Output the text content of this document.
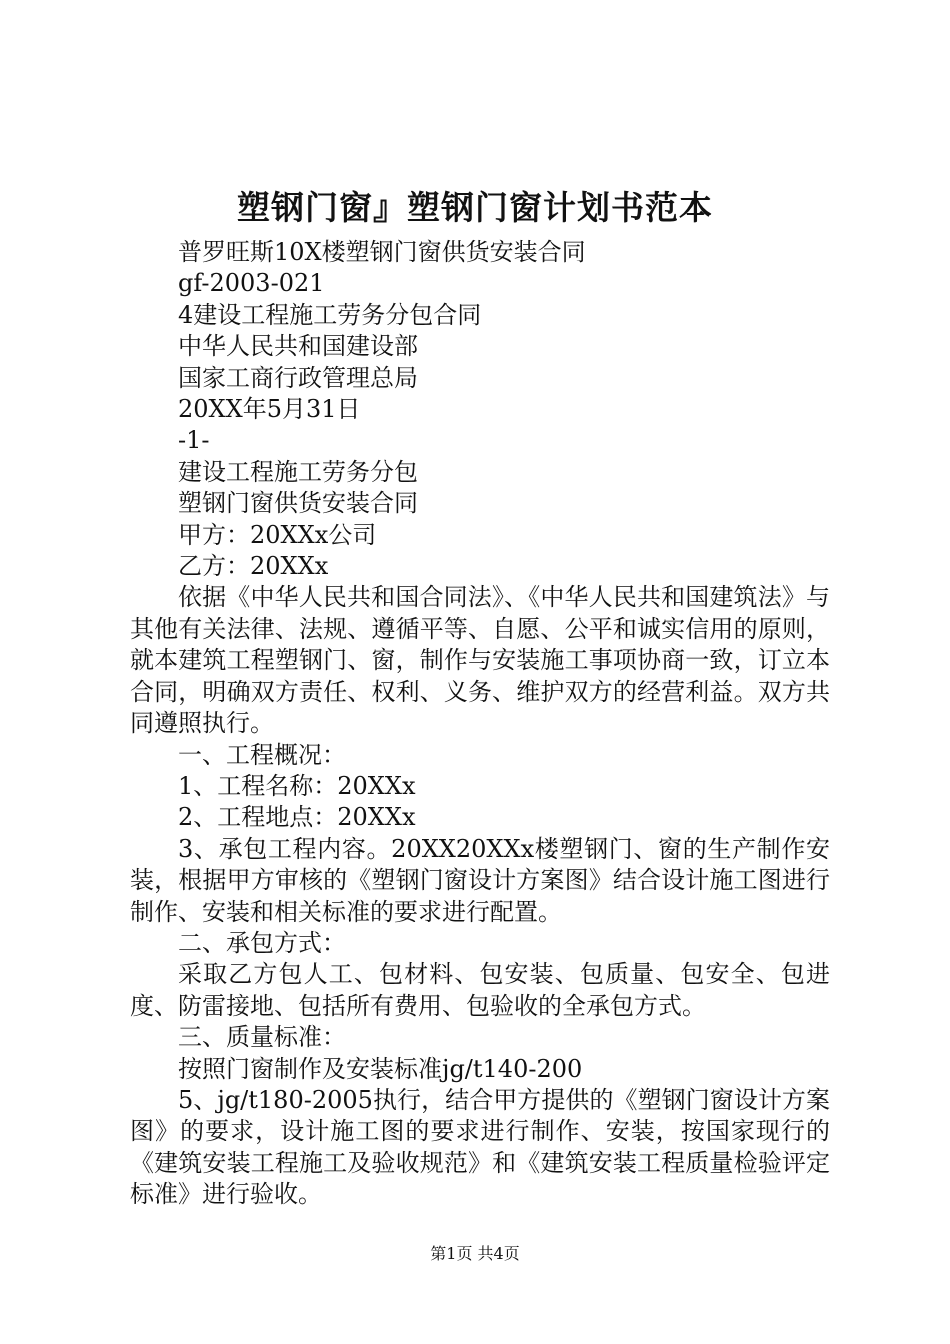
塑钢门窗』塑钢门窗计划书范本
普罗旺斯10X楼塑钢门窗供货安装合同
gf-2003-021
4建设工程施工劳务分包合同
中华人民共和国建设部
国家工商行政管理总局
20XX年5月31日
-1-
建设工程施工劳务分包
塑钢门窗供货安装合同
甲方：20XXx公司
乙方：20XXx
依据《中华人民共和国合同法》、《中华人民共和国建筑法》与其他有关法律、法规、遵循平等、自愿、公平和诚实信用的原则，就本建筑工程塑钢门、窗，制作与安装施工事项协商一致，订立本合同，明确双方责任、权利、义务、维护双方的经营利益。双方共同遵照执行。
一、工程概况：
1、工程名称：20XXx
2、工程地点：20XXx
3、承包工程内容。20XX20XXx楼塑钢门、窗的生产制作安装，根据甲方审核的《塑钢门窗设计方案图》结合设计施工图进行制作、安装和相关标准的要求进行配置。
二、承包方式：
采取乙方包人工、包材料、包安装、包质量、包安全、包进度、防雷接地、包括所有费用、包验收的全承包方式。
三、质量标准：
按照门窗制作及安装标准jg/t140-200
5、jg/t180-2005执行，结合甲方提供的《塑钢门窗设计方案图》的要求，设计施工图的要求进行制作、安装，按国家现行的《建筑安装工程施工及验收规范》和《建筑安装工程质量检验评定标准》进行验收。
第1页 共4页
